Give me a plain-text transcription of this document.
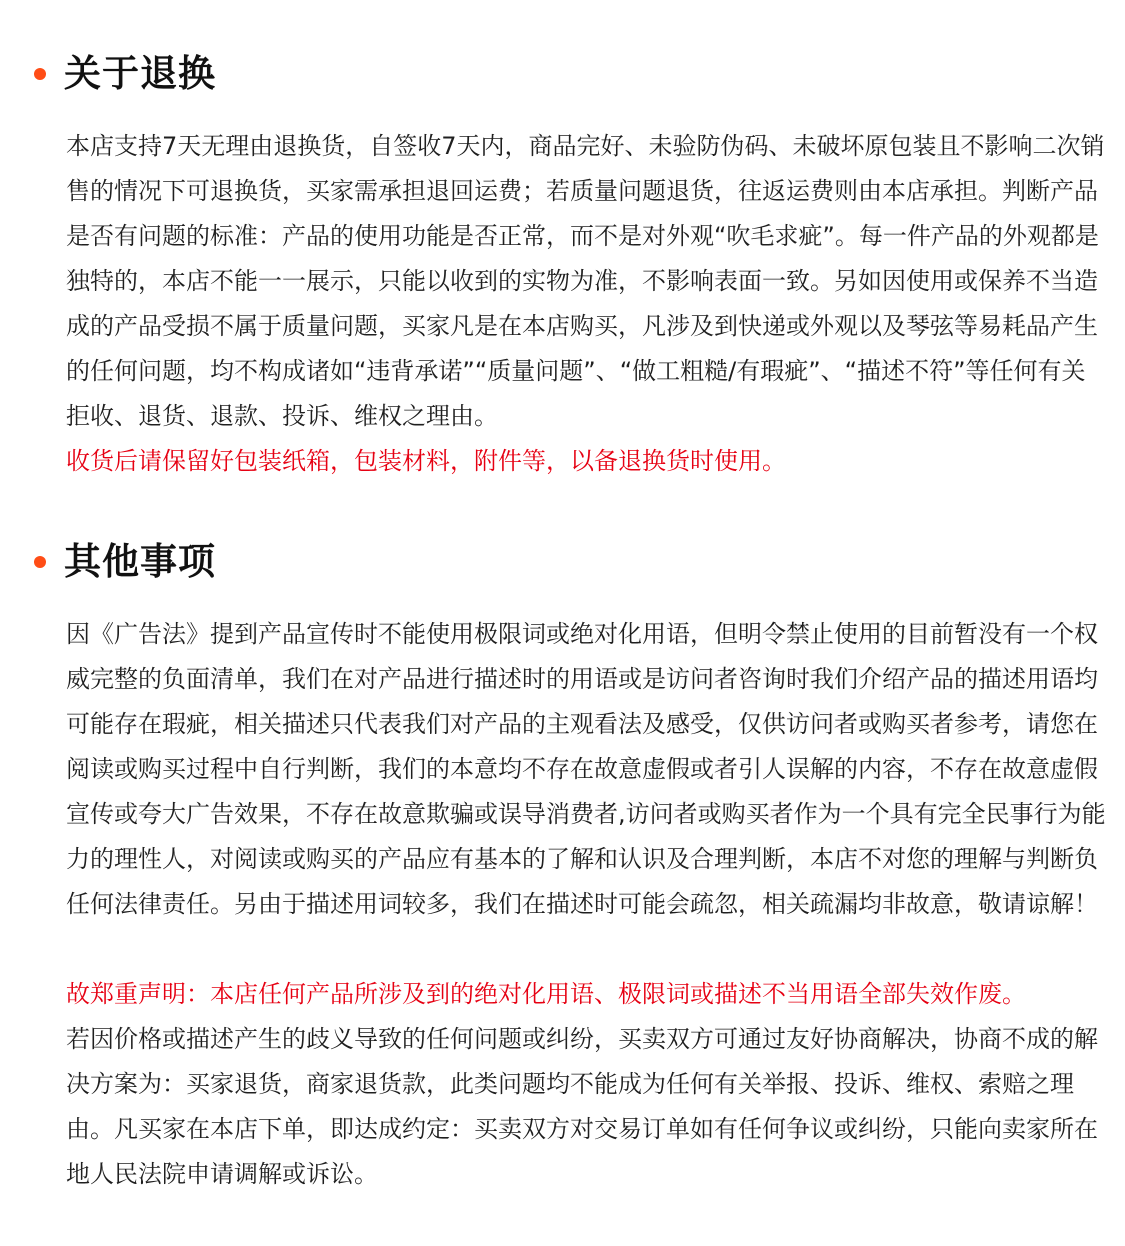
关于退换

本店支持7天无理由退换货，自签收7天内，商品完好、未验防伪码、未破坏原包装且不影响二次销售的情况下可退换货，买家需承担退回运费；若质量问题退货，往返运费则由本店承担。判断产品是否有问题的标准：产品的使用功能是否正常，而不是对外观“吹毛求疵”。每一件产品的外观都是独特的，本店不能一一展示，只能以收到的实物为准，不影响表面一致。另如因使用或保养不当造成的产品受损不属于质量问题，买家凡是在本店购买，凡涉及到快递或外观以及琴弦等易耗品产生的任何问题，均不构成诸如“违背承诺”“质量问题”、“做工粗糙/有瑕疵”、“描述不符”等任何有关拒收、退货、退款、投诉、维权之理由。

收货后请保留好包装纸箱，包装材料，附件等，以备退换货时使用。

其他事项

因《广告法》提到产品宣传时不能使用极限词或绝对化用语，但明令禁止使用的目前暂没有一个权威完整的负面清单，我们在对产品进行描述时的用语或是访问者咨询时我们介绍产品的描述用语均可能存在瑕疵，相关描述只代表我们对产品的主观看法及感受，仅供访问者或购买者参考，请您在阅读或购买过程中自行判断，我们的本意均不存在故意虚假或者引人误解的内容，不存在故意虚假宣传或夸大广告效果，不存在故意欺骗或误导消费者,访问者或购买者作为一个具有完全民事行为能力的理性人，对阅读或购买的产品应有基本的了解和认识及合理判断，本店不对您的理解与判断负任何法律责任。另由于描述用词较多，我们在描述时可能会疏忽，相关疏漏均非故意，敬请谅解！

故郑重声明：本店任何产品所涉及到的绝对化用语、极限词或描述不当用语全部失效作废。

若因价格或描述产生的歧义导致的任何问题或纠纷，买卖双方可通过友好协商解决，协商不成的解决方案为：买家退货，商家退货款，此类问题均不能成为任何有关举报、投诉、维权、索赔之理由。凡买家在本店下单，即达成约定：买卖双方对交易订单如有任何争议或纠纷，只能向卖家所在地人民法院申请调解或诉讼。
